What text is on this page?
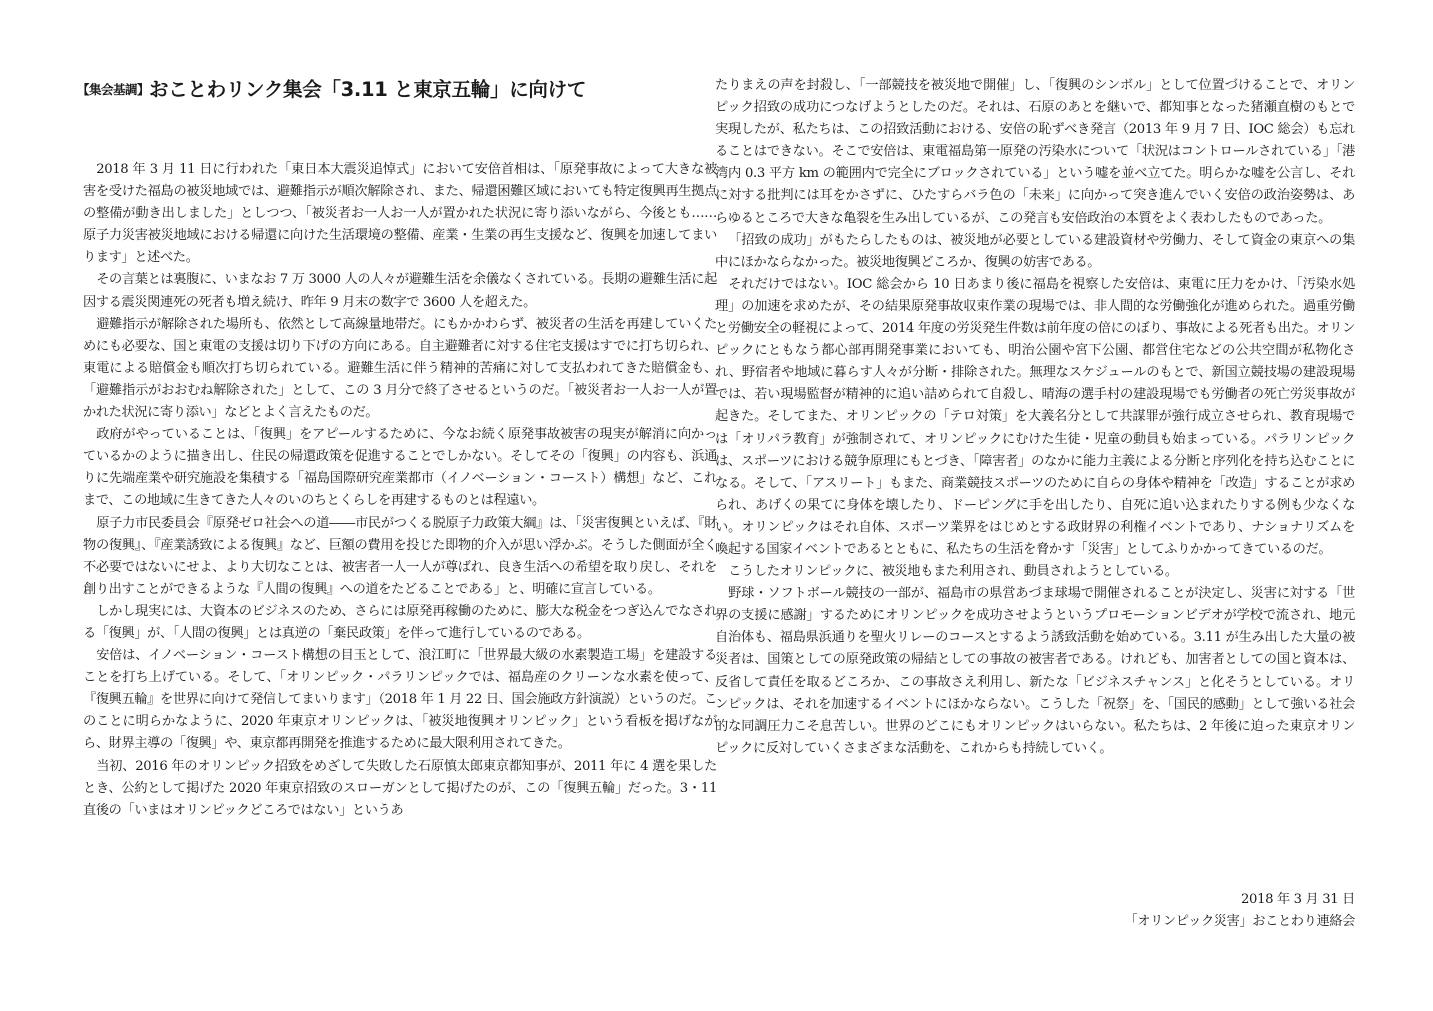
【集会基調】おことわリンク集会「3.11 と東京五輪」に向けて

2018 年 3 月 11 日に行われた「東日本大震災追悼式」において安倍首相は、「原発事故によって大きな被害を受けた福島の被災地域では、避難指示が順次解除され、また、帰還困難区域においても特定復興再生拠点の整備が動き出しました」としつつ、「被災者お一人お一人が置かれた状況に寄り添いながら、今後とも……原子力災害被災地域における帰還に向けた生活環境の整備、産業・生業の再生支援など、復興を加速してまいります」と述べた。

その言葉とは裏腹に、いまなお 7 万 3000 人の人々が避難生活を余儀なくされている。長期の避難生活に起因する震災関連死の死者も増え続け、昨年 9 月末の数字で 3600 人を超えた。

避難指示が解除された場所も、依然として高線量地帯だ。にもかかわらず、被災者の生活を再建していくためにも必要な、国と東電の支援は切り下げの方向にある。自主避難者に対する住宅支援はすでに打ち切られ、東電による賠償金も順次打ち切られている。避難生活に伴う精神的苦痛に対して支払われてきた賠償金も、「避難指示がおおむね解除された」として、この 3 月分で終了させるというのだ。「被災者お一人お一人が置かれた状況に寄り添い」などとよく言えたものだ。

政府がやっていることは、「復興」をアピールするために、今なお続く原発事故被害の現実が解消に向かっているかのように描き出し、住民の帰還政策を促進することでしかない。そしてその「復興」の内容も、浜通りに先端産業や研究施設を集積する「福島国際研究産業都市（イノベーション・コースト）構想」など、これまで、この地域に生きてきた人々のいのちとくらしを再建するものとは程遠い。

原子力市民委員会『原発ゼロ社会への道――市民がつくる脱原子力政策大綱』は、「災害復興といえば、『財物の復興』、『産業誘致による復興』など、巨額の費用を投じた即物的介入が思い浮かぶ。そうした側面が全く不必要ではないにせよ、より大切なことは、被害者一人一人が尊ばれ、良き生活への希望を取り戻し、それを創り出すことができるような『人間の復興』への道をたどることである」と、明確に宣言している。

しかし現実には、大資本のビジネスのため、さらには原発再稼働のために、膨大な税金をつぎ込んでなされる「復興」が、「人間の復興」とは真逆の「棄民政策」を伴って進行しているのである。

安倍は、イノベーション・コースト構想の目玉として、浪江町に「世界最大級の水素製造工場」を建設することを打ち上げている。そして、「オリンピック・パラリンピックでは、福島産のクリーンな水素を使って、『復興五輪』を世界に向けて発信してまいります」（2018 年 1 月 22 日、国会施政方針演説）というのだ。このことに明らかなように、2020 年東京オリンピックは、「被災地復興オリンピック」という看板を掲げながら、財界主導の「復興」や、東京都再開発を推進するために最大限利用されてきた。

当初、2016 年のオリンピック招致をめざして失敗した石原慎太郎東京都知事が、2011 年に 4 選を果したとき、公約として掲げた 2020 年東京招致のスローガンとして掲げたのが、この「復興五輪」だった。3・11 直後の「いまはオリンピックどころではない」というあ

たりまえの声を封殺し、「一部競技を被災地で開催」し、「復興のシンボル」として位置づけることで、オリンピック招致の成功につなげようとしたのだ。それは、石原のあとを継いで、都知事となった猪瀬直樹のもとで実現したが、私たちは、この招致活動における、安倍の恥ずべき発言（2013 年 9 月 7 日、IOC 総会）も忘れることはできない。そこで安倍は、東電福島第一原発の汚染水について「状況はコントロールされている」「港湾内 0.3 平方 km の範囲内で完全にブロックされている」という嘘を並べ立てた。明らかな嘘を公言し、それに対する批判には耳をかさずに、ひたすらバラ色の「未来」に向かって突き進んでいく安倍の政治姿勢は、あらゆるところで大きな亀裂を生み出しているが、この発言も安倍政治の本質をよく表わしたものであった。

「招致の成功」がもたらしたものは、被災地が必要としている建設資材や労働力、そして資金の東京への集中にほかならなかった。被災地復興どころか、復興の妨害である。

それだけではない。IOC 総会から 10 日あまり後に福島を視察した安倍は、東電に圧力をかけ、「汚染水処理」の加速を求めたが、その結果原発事故収束作業の現場では、非人間的な労働強化が進められた。過重労働と労働安全の軽視によって、2014 年度の労災発生件数は前年度の倍にのぼり、事故による死者も出た。オリンピックにともなう都心部再開発事業においても、明治公園や宮下公園、都営住宅などの公共空間が私物化され、野宿者や地域に暮らす人々が分断・排除された。無理なスケジュールのもとで、新国立競技場の建設現場では、若い現場監督が精神的に追い詰められて自殺し、晴海の選手村の建設現場でも労働者の死亡労災事故が起きた。そしてまた、オリンピックの「テロ対策」を大義名分として共謀罪が強行成立させられ、教育現場では「オリパラ教育」が強制されて、オリンピックにむけた生徒・児童の動員も始まっている。パラリンピックは、スポーツにおける競争原理にもとづき、「障害者」のなかに能力主義による分断と序列化を持ち込むことになる。そして、「アスリート」もまた、商業競技スポーツのために自らの身体や精神を「改造」することが求められ、あげくの果てに身体を壊したり、ドーピングに手を出したり、自死に追い込まれたりする例も少なくない。オリンピックはそれ自体、スポーツ業界をはじめとする政財界の利権イベントであり、ナショナリズムを喚起する国家イベントであるとともに、私たちの生活を脅かす「災害」としてふりかかってきているのだ。

こうしたオリンピックに、被災地もまた利用され、動員されようとしている。

野球・ソフトボール競技の一部が、福島市の県営あづま球場で開催されることが決定し、災害に対する「世界の支援に感謝」するためにオリンピックを成功させようというプロモーションビデオが学校で流され、地元自治体も、福島県浜通りを聖火リレーのコースとするよう誘致活動を始めている。3.11 が生み出した大量の被災者は、国策としての原発政策の帰結としての事故の被害者である。けれども、加害者としての国と資本は、反省して責任を取るどころか、この事故さえ利用し、新たな「ビジネスチャンス」と化そうとしている。オリンピックは、それを加速するイベントにほかならない。こうした「祝祭」を、「国民的感動」として強いる社会的な同調圧力こそ息苦しい。世界のどこにもオリンピックはいらない。私たちは、2 年後に迫った東京オリンピックに反対していくさまざまな活動を、これからも持続していく。

2018 年 3 月 31 日
「オリンピック災害」おことわり連絡会
